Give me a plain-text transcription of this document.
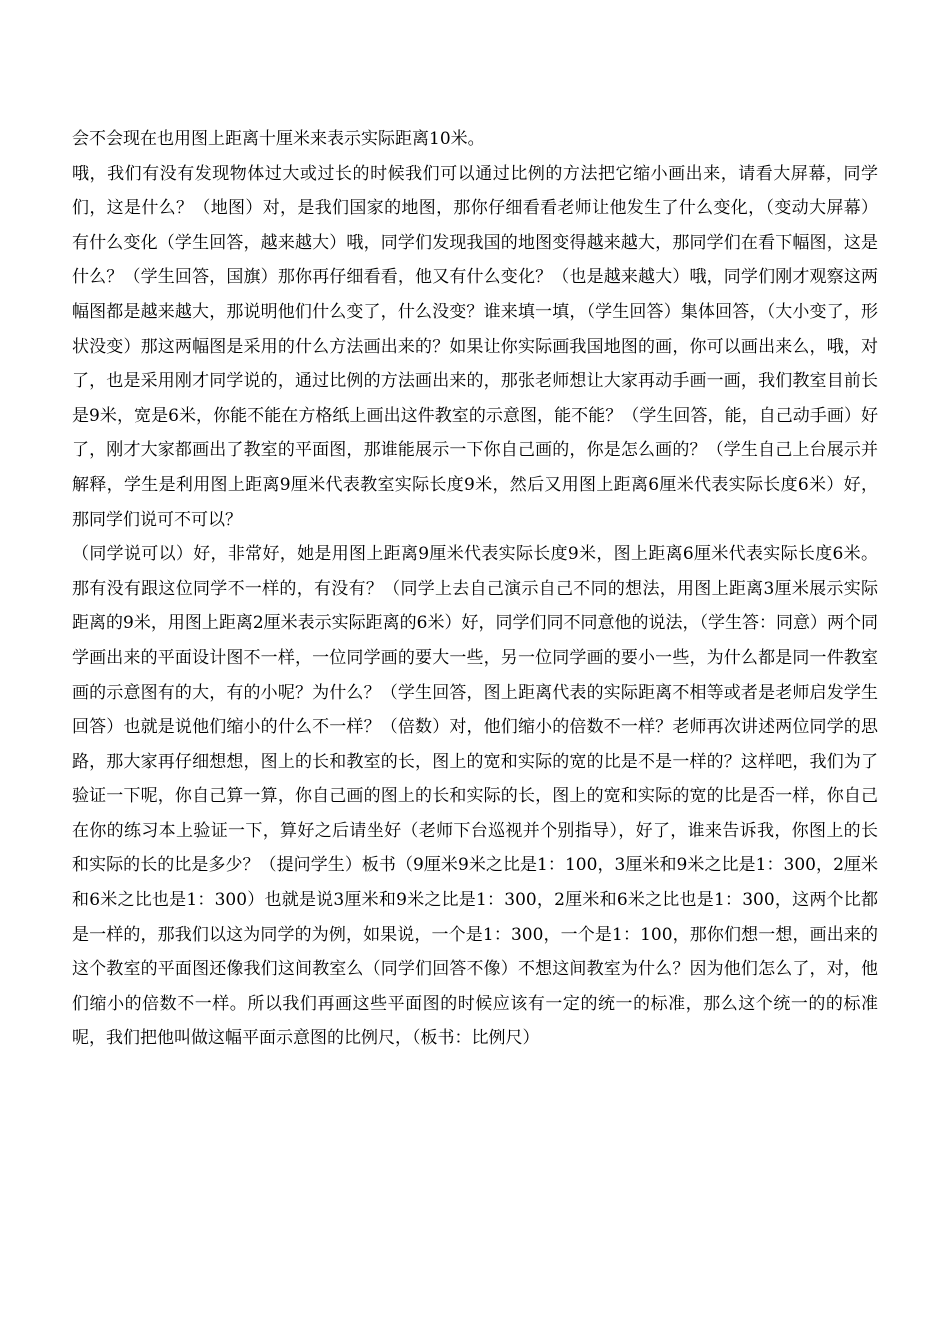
会不会现在也用图上距离十厘米来表示实际距离10米。

哦，我们有没有发现物体过大或过长的时候我们可以通过比例的方法把它缩小画出来，请看大屏幕，同学们，这是什么？（地图）对，是我们国家的地图，那你仔细看看老师让他发生了什么变化，（变动大屏幕）有什么变化（学生回答，越来越大）哦，同学们发现我国的地图变得越来越大，那同学们在看下幅图，这是什么？（学生回答，国旗）那你再仔细看看，他又有什么变化？（也是越来越大）哦，同学们刚才观察这两幅图都是越来越大，那说明他们什么变了，什么没变？谁来填一填，（学生回答）集体回答，（大小变了，形状没变）那这两幅图是采用的什么方法画出来的？如果让你实际画我国地图的画，你可以画出来么，哦，对了，也是采用刚才同学说的，通过比例的方法画出来的，那张老师想让大家再动手画一画，我们教室目前长是9米，宽是6米，你能不能在方格纸上画出这件教室的示意图，能不能？（学生回答，能，自己动手画）好了，刚才大家都画出了教室的平面图，那谁能展示一下你自己画的，你是怎么画的？（学生自己上台展示并解释，学生是利用图上距离9厘米代表教室实际长度9米，然后又用图上距离6厘米代表实际长度6米）好，那同学们说可不可以？

（同学说可以）好，非常好，她是用图上距离9厘米代表实际长度9米，图上距离6厘米代表实际长度6米。那有没有跟这位同学不一样的，有没有？（同学上去自己演示自己不同的想法，用图上距离3厘米展示实际距离的9米，用图上距离2厘米表示实际距离的6米）好，同学们同不同意他的说法，（学生答：同意）两个同学画出来的平面设计图不一样，一位同学画的要大一些，另一位同学画的要小一些，为什么都是同一件教室画的示意图有的大，有的小呢？为什么？（学生回答，图上距离代表的实际距离不相等或者是老师启发学生回答）也就是说他们缩小的什么不一样？（倍数）对，他们缩小的倍数不一样？老师再次讲述两位同学的思路，那大家再仔细想想，图上的长和教室的长，图上的宽和实际的宽的比是不是一样的？这样吧，我们为了验证一下呢，你自己算一算，你自己画的图上的长和实际的长，图上的宽和实际的宽的比是否一样，你自己在你的练习本上验证一下，算好之后请坐好（老师下台巡视并个别指导），好了，谁来告诉我，你图上的长和实际的长的比是多少？（提问学生）板书（9厘米9米之比是1：100，3厘米和9米之比是1：300，2厘米和6米之比也是1：300）也就是说3厘米和9米之比是1：300，2厘米和6米之比也是1：300，这两个比都是一样的，那我们以这为同学的为例，如果说，一个是1：300，一个是1：100，那你们想一想，画出来的这个教室的平面图还像我们这间教室么（同学们回答不像）不想这间教室为什么？因为他们怎么了，对，他们缩小的倍数不一样。所以我们再画这些平面图的时候应该有一定的统一的标准，那么这个统一的的标准呢，我们把他叫做这幅平面示意图的比例尺，（板书：比例尺）
